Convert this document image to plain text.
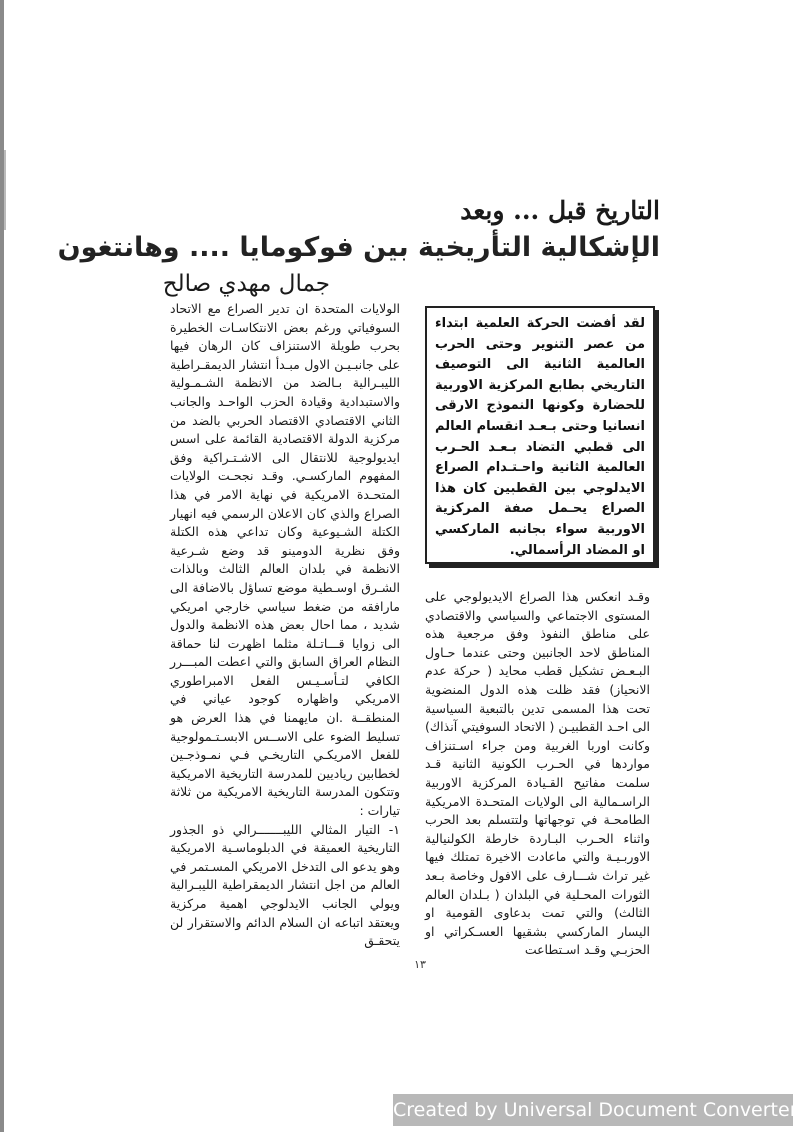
التاريخ قبل ... وبعد
الإشكالية التأريخية بين فوكومايا .... وهانتغون
جمال مهدي صالح
لقد أفضت الحركة العلمية ابتداء من عصر التنوير وحتى الحرب العالمية الثانية الى التوصيف التاريخي بطابع المركزية الاوربية للحضارة وكونها النموذج الارقى انسانيا وحتى بـعـد انقسام العالم الى قطبي التضاد بـعـد الحـرب العالمية الثانية واحـتـدام الصراع الايدلوجي بين القطبين كان هذا الصراع يحـمل صفة المركزية الاوربية سواء بجانبه الماركسي او المضاد الرأسمالي.

الولايات المتحدة ان تدير الصراع مع الاتحاد السوفياتي ورغم بعض الانتكاسـات الخطيرة بحرب طويلة الاستنزاف كان الرهان فيها على جانبـيـن الاول مبـدأ انتشار الديمقـراطية الليبـرالية بـالضد من الانظمة الشـمـولية والاستبدادية وقيادة الحزب الواحـد والجانب الثاني الاقتصادي الاقتصاد الحربي بالضد من مركزية الدولة الاقتصادية القائمة على اسس ايديولوجية للانتقال الى الاشـتـراكية وفق المفهوم الماركسـي. وقـد نجحـت الولايات المتحـدة الامريكية في نهاية الامر في هذا الصراع والذي كان الاعلان الرسمي فيه انهيار الكتلة الشـيوعية وكان تداعي هذه الكتلة وفق نظرية الدومينو قد وضع شـرعية الانظمة في بلدان العالم الثالث وبالذات الشـرق اوسـطية موضع تساؤل بالاضافة الى مارافقه من ضغط سياسي خارجي امريكي شديد ، مما احال بعض هذه الانظمة والدول الى زوايا قـــاتـلة مثلما اظهرت لنا حماقة النظام العراق السابق والتي اعطت المبـــرر الكافي لتـأسـيـس الفعل الامبراطوري الامريكي واظهاره كوجود عياني في المنطقــة .ان مايهمنا في هذا العرض هو تسليط الضوء على الاســس الابسـتـمولوجية للفعل الامريكـي التاريخـي فـي نمـوذجـين لخطابين رياديين للمدرسة التاريخية الامريكية وتتكون المدرسة التاريخية الامريكية من ثلاثة تيارات :

١- التيار المثالي الليبـــــــرالي ذو الجذور التاريخية العميقة في الدبلوماسـية الامريكية وهو يدعو الى التدخل الامريكي المسـتمر في العالم من اجل انتشار الديمقراطية الليبـرالية ويولي الجانب الايدلوجي اهمية مركزية ويعتقد اتباعه ان السلام الدائم والاستقرار لن يتحقـق

وقـد انعكس هذا الصراع الايديولوجي على المستوى الاجتماعي والسياسي والاقتصادي على مناطق النفوذ وفق مرجعية هذه المناطق لاحد الجانبين وحتى عندما حـاول البـعـض تشكيل قطب محايد ( حركة عدم الانحياز) فقد ظلت هذه الدول المنضوية تحت هذا المسمى تدين بالتبعية السياسية الى احـد القطبيـن ( الاتحاد السوفيتي آنذاك) وكانت اوربا الغربية ومن جراء اسـتنزاف مواردها في الحـرب الكونية الثانية قـد سلمت مفاتيح القـيادة المركزية الاوربية الراسـمالية الى الولايات المتحـدة الامريكية الطامحـة في توجهاتها ولتتسلم بعد الحرب واثناء الحـرب البـاردة خارطة الكولنيالية الاوربـيـة والتي ماعادت الاخيرة تمتلك فيها غير تراث شـــارف على الافول وخاصة بـعد الثورات المحـلية في البلدان ( بـلدان العالم الثالث) والتي تمت بدعاوى القومية او اليسار الماركسي بشقيها العسـكراتي او الحزبـي وقـد اسـتطاعت

١٣
Created by Universal Document Converter
